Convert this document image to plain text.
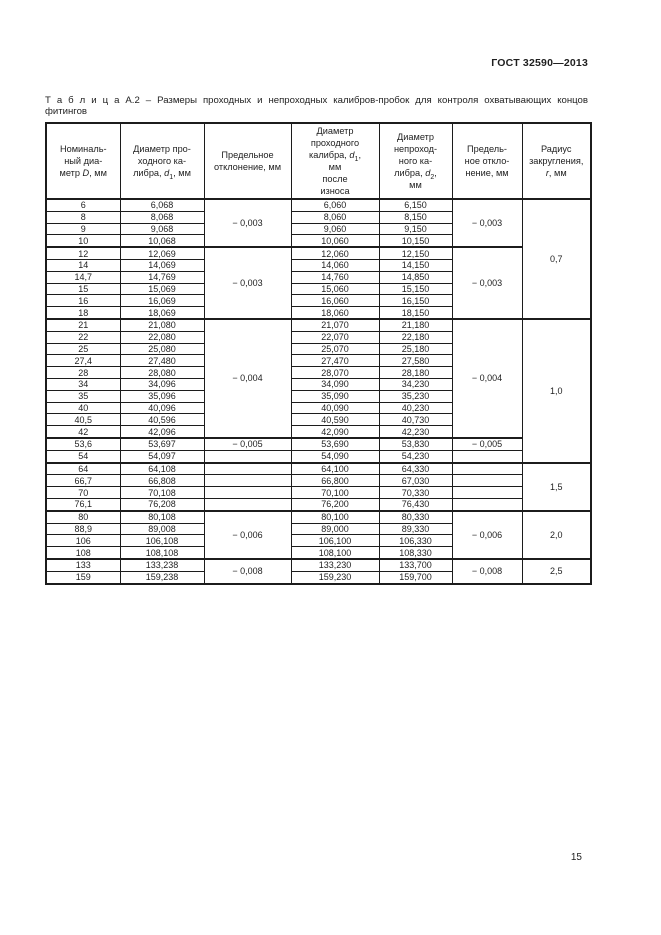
ГОСТ 32590—2013
Т а б л и ц а А.2 – Размеры проходных и непроходных калибров-пробок для контроля охватывающих концов
фитингов
Номиналь-
ный диа-
метр D, мм	Диаметр про-
ходного ка-
либра, $d_1$, мм	Предельное
отклонение, мм	Диаметр
проходного
калибра, $d_1$,
мм
после
износа	Диаметр
непроход-
ного ка-
либра, $d_2$,
мм	Предель-
ное откло-
нение, мм	Радиус
закругления,
r, мм
6	6,068	− 0,003	6,060	6,150	− 0,003	0,7
8	8,068		8,060	8,150		
9	9,068		9,060	9,150		
10	10,068		10,060	10,150		
12	12,069	− 0,003	12,060	12,150	− 0,003	
14	14,069		14,060	14,150		
14,7	14,769		14,760	14,850		
15	15,069		15,060	15,150		
16	16,069		16,060	16,150		
18	18,069		18,060	18,150		
21	21,080	− 0,004	21,070	21,180	− 0,004	1,0
22	22,080		22,070	22,180		
25	25,080		25,070	25,180		
27,4	27,480		27,470	27,580		
28	28,080		28,070	28,180		
34	34,096		34,090	34,230		
35	35,096		35,090	35,230		
40	40,096		40,090	40,230		
40,5	40,596		40,590	40,730		
42	42,096		42,090	42,230		
53,6	53,697	− 0,005	53,690	53,830	− 0,005	
54	54,097		54,090	54,230		
64	64,108		64,100	64,330		1,5
66,7	66,808		66,800	67,030		
70	70,108		70,100	70,330		
76,1	76,208		76,200	76,430		
80	80,108	− 0,006	80,100	80,330	− 0,006	2,0
88,9	89,008		89,000	89,330		
106	106,108		106,100	106,330		
108	108,108		108,100	108,330		
133	133,238	− 0,008	133,230	133,700	− 0,008	2,5
159	159,238		159,230	159,700		
15
